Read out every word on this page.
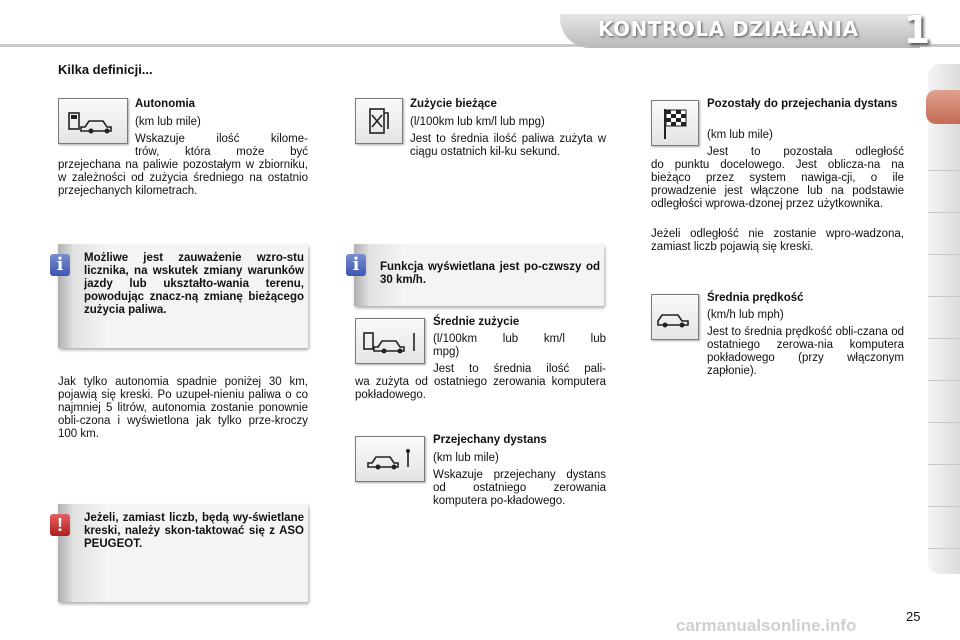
KONTROLA DZIAŁANIA 1
Kilka definicji...
Autonomia
(km lub mile)
Wskazuje ilość kilome-
trów, która może być
przejechana na paliwie pozostałym w zbiorniku, w zależności od zużycia średniego na ostatnio przejechanych kilometrach.
i	Możliwe jest zauważenie wzro-stu licznika, na wskutek zmiany warunków jazdy lub ukształto-wania terenu, powodując znacz-ną zmianę bieżącego zużycia paliwa.
Jak tylko autonomia spadnie poniżej 30 km, pojawią się kreski. Po uzupeł-nieniu paliwa o co najmniej 5 litrów, autonomia zostanie ponownie obli-czona i wyświetlona jak tylko prze-kroczy 100 km.
!	Jeżeli, zamiast liczb, będą wy-świetlane kreski, należy skon-taktować się z ASO PEUGEOT.
Zużycie bieżące
(l/100km lub km/l lub mpg)
Jest to średnia ilość paliwa zużyta w ciągu ostatnich kil-ku sekund.
i	Funkcja wyświetlana jest po-czwszy od 30 km/h.
Średnie zużycie
(l/100km lub km/l lub
mpg)
Jest to średnia ilość pali-
wa zużyta od ostatniego zerowania komputera pokładowego.
Przejechany dystans
(km lub mile)
Wskazuje przejechany dystans od ostatniego zerowania komputera po-kładowego.
Pozostały do przejechania dystans
(km lub mile)
Jest to pozostała odległość
do punktu docelowego. Jest oblicza-na na bieżąco przez system nawiga-cji, o ile prowadzenie jest włączone lub na podstawie odległości wprowa-dzonej przez użytkownika.
Jeżeli odległość nie zostanie wpro-wadzona, zamiast liczb pojawią się kreski.
Średnia prędkość
(km/h lub mph)
Jest to średnia prędkość obli-czana od ostatniego zerowa-nia komputera pokładowego (przy włączonym zapłonie).
25
carmanualsonline.info
